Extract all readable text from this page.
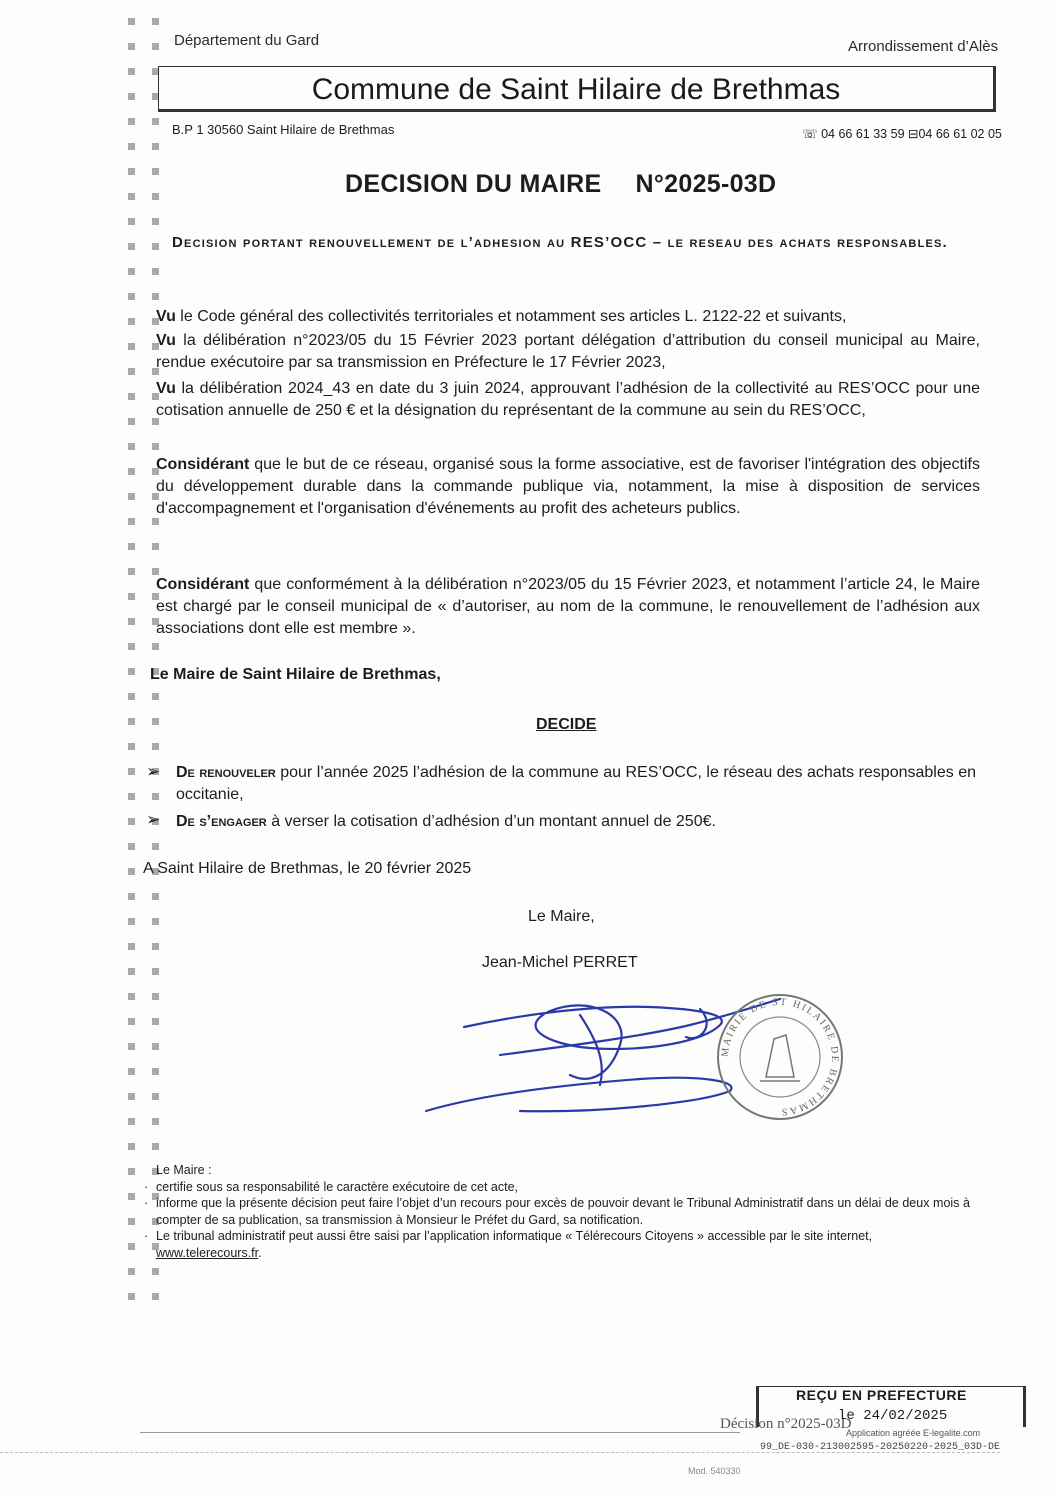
Département du Gard	Arrondissement d’Alès
Commune de Saint Hilaire de Brethmas
B.P 1 30560 Saint Hilaire de Brethmas	☏ 04 66 61 33 59 ⊟04 66 61 02 05
DECISION DU MAIRE N°2025-03D
Decision portant renouvellement de l’adhesion au RES’OCC – le reseau des achats responsables.
Vu le Code général des collectivités territoriales et notamment ses articles L. 2122-22 et suivants,
Vu la délibération n°2023/05 du 15 Février 2023 portant délégation d’attribution du conseil municipal au Maire, rendue exécutoire par sa transmission en Préfecture le 17 Février 2023,
Vu la délibération 2024_43 en date du 3 juin 2024, approuvant l’adhésion de la collectivité au RES’OCC pour une cotisation annuelle de 250 € et la désignation du représentant de la commune au sein du RES’OCC,
Considérant que le but de ce réseau, organisé sous la forme associative, est de favoriser l'intégration des objectifs du développement durable dans la commande publique via, notamment, la mise à disposition de services d'accompagnement et l'organisation d'événements au profit des acheteurs publics.
Considérant que conformément à la délibération n°2023/05 du 15 Février 2023, et notamment l’article 24, le Maire est chargé par le conseil municipal de « d’autoriser, au nom de la commune, le renouvellement de l’adhésion aux associations dont elle est membre ».
Le Maire de Saint Hilaire de Brethmas,
DECIDE
➢ De renouveler pour l’année 2025 l’adhésion de la commune au RES’OCC, le réseau des achats responsables en occitanie,
➢ De s’engager à verser la cotisation d’adhésion d’un montant annuel de 250€.
A Saint Hilaire de Brethmas, le 20 février 2025
Le Maire,
Jean-Michel PERRET
MAIRIE DE ST HILAIRE DE BRETHMAS
Le Maire :
· certifie sous sa responsabilité le caractère exécutoire de cet acte,
· informe que la présente décision peut faire l’objet d’un recours pour excès de pouvoir devant le Tribunal Administratif dans un délai de deux mois à compter de sa publication, sa transmission à Monsieur le Préfet du Gard, sa notification.
· Le tribunal administratif peut aussi être saisi par l’application informatique « Télérecours Citoyens » accessible par le site internet,
www.telerecours.fr.
REÇU EN PREFECTURE
Décision n°2025-03D
le 24/02/2025
Application agréée E-legalite.com
99_DE-030-213002595-20250220-2025_03D-DE
Mod. 540330
